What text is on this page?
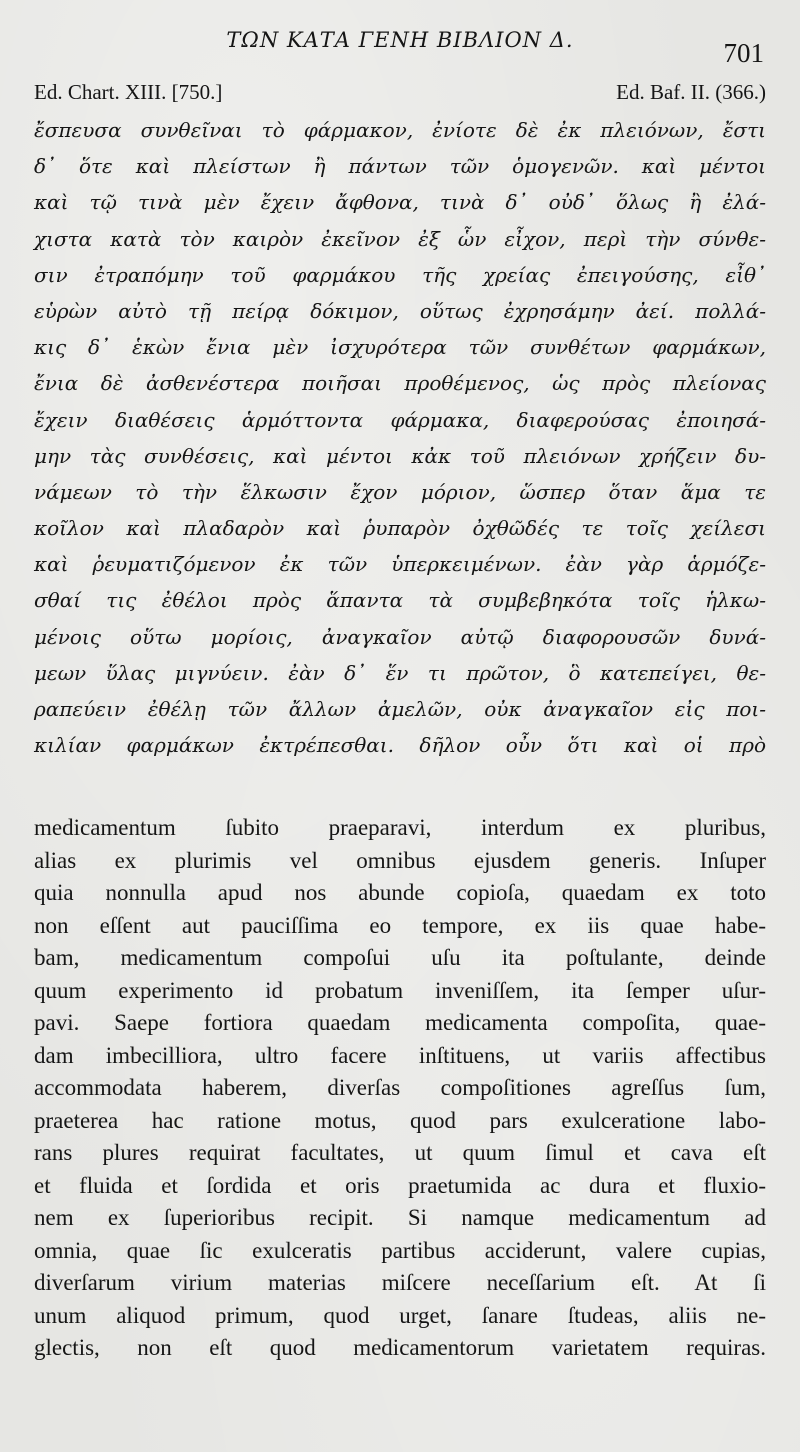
ΤΩΝ ΚΑΤΑ ΓΕΝΗ ΒΙΒΛΙΟΝ Δ.	701
Ed. Chart. XIII. [750.]	Ed. Baf. II. (366.)
ἔσπευσα συνθεῖναι τὸ φάρμακον, ἐνίοτε δὲ ἐκ πλειόνων, ἔστι
δ᾽ ὅτε καὶ πλείστων ἢ πάντων τῶν ὁμογενῶν. καὶ μέντοι
καὶ τῷ τινὰ μὲν ἔχειν ἄφθονα, τινὰ δ᾽ οὐδ᾽ ὅλως ἢ ἐλά-
χιστα κατὰ τὸν καιρὸν ἐκεῖνον ἐξ ὧν εἶχον, περὶ τὴν σύνθε-
σιν ἐτραπόμην τοῦ φαρμάκου τῆς χρείας ἐπειγούσης, εἶθ᾽
εὑρὼν αὐτὸ τῇ πείρᾳ δόκιμον, οὕτως ἐχρησάμην ἀεί. πολλά-
κις δ᾽ ἑκὼν ἔνια μὲν ἰσχυρότερα τῶν συνθέτων φαρμάκων,
ἔνια δὲ ἀσθενέστερα ποιῆσαι προθέμενος, ὡς πρὸς πλείονας
ἔχειν διαθέσεις ἁρμόττοντα φάρμακα, διαφερούσας ἐποιησά-
μην τὰς συνθέσεις, καὶ μέντοι κἀκ τοῦ πλειόνων χρήζειν δυ-
νάμεων τὸ τὴν ἕλκωσιν ἔχον μόριον, ὥσπερ ὅταν ἅμα τε
κοῖλον καὶ πλαδαρὸν καὶ ῥυπαρὸν ὀχθῶδές τε τοῖς χείλεσι
καὶ ῥευματιζόμενον ἐκ τῶν ὑπερκειμένων. ἐὰν γὰρ ἁρμόζε-
σθαί τις ἐθέλοι πρὸς ἅπαντα τὰ συμβεβηκότα τοῖς ἡλκω-
μένοις οὕτω μορίοις, ἀναγκαῖον αὐτῷ διαφορουσῶν δυνά-
μεων ὕλας μιγνύειν. ἐὰν δ᾽ ἕν τι πρῶτον, ὃ κατεπείγει, θε-
ραπεύειν ἐθέλῃ τῶν ἄλλων ἀμελῶν, οὐκ ἀναγκαῖον εἰς ποι-
κιλίαν φαρμάκων ἐκτρέπεσθαι. δῆλον οὖν ὅτι καὶ οἱ πρὸ
medicamentum ſubito praeparavi, interdum ex pluribus,
alias ex plurimis vel omnibus ejusdem generis. Inſuper
quia nonnulla apud nos abunde copioſa, quaedam ex toto
non eſſent aut pauciſſima eo tempore, ex iis quae habe-
bam, medicamentum compoſui uſu ita poſtulante, deinde
quum experimento id probatum inveniſſem, ita ſemper uſur-
pavi. Saepe fortiora quaedam medicamenta compoſita, quae-
dam imbecilliora, ultro facere inſtituens, ut variis affectibus
accommodata haberem, diverſas compoſitiones agreſſus ſum,
praeterea hac ratione motus, quod pars exulceratione labo-
rans plures requirat facultates, ut quum ſimul et cava eſt
et fluida et ſordida et oris praetumida ac dura et fluxio-
nem ex ſuperioribus recipit. Si namque medicamentum ad
omnia, quae ſic exulceratis partibus acciderunt, valere cupias,
diverſarum virium materias miſcere neceſſarium eſt. At ſi
unum aliquod primum, quod urget, ſanare ſtudeas, aliis ne-
glectis, non eſt quod medicamentorum varietatem requiras.
